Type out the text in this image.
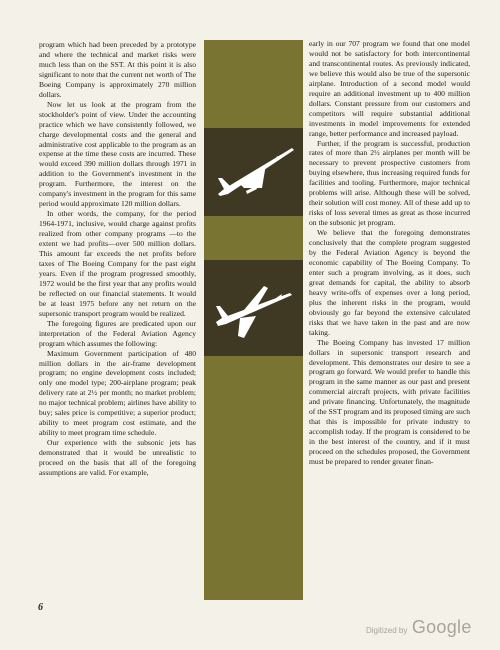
program which had been preceded by a prototype and where the technical and market risks were much less than on the SST. At this point it is also significant to note that the current net worth of The Boeing Company is approximately 270 million dollars.

Now let us look at the program from the stockholder's point of view. Under the accounting practice which we have consistently followed, we charge developmental costs and the general and administrative cost applicable to the program as an expense at the time these costs are incurred. These would exceed 390 million dollars through 1971 in addition to the Government's investment in the program. Furthermore, the interest on the company's investment in the program for this same period would approximate 120 million dollars.

In other words, the company, for the period 1964-1971, inclusive, would charge against profits realized from other company programs —to the extent we had profits—over 500 million dollars. This amount far exceeds the net profits before taxes of The Boeing Company for the past eight years. Even if the program progressed smoothly, 1972 would be the first year that any profits would be reflected on our financial statements. It would be at least 1975 before any net return on the supersonic transport program would be realized.

The foregoing figures are predicated upon our interpretation of the Federal Aviation Agency program which assumes the following:

Maximum Government participation of 480 million dollars in the air-frame development program; no engine development costs included; only one model type; 200-airplane program; peak delivery rate at 2½ per month; no market problem; no major technical problem; airlines have ability to buy; sales price is competitive; a superior product; ability to meet program cost estimate, and the ability to meet program time schedule.

Our experience with the subsonic jets has demonstrated that it would be unrealistic to proceed on the basis that all of the foregoing assumptions are valid. For example,

early in our 707 program we found that one model would not be satisfactory for both intercontinental and transcontinental routes. As previously indicated, we believe this would also be true of the supersonic airplane. Introduction of a second model would require an additional investment up to 400 million dollars. Constant pressure from our customers and competitors will require substantial additional investments in model improvements for extended range, better performance and increased payload.

Further, if the program is successful, production rates of more than 2½ airplanes per month will be necessary to prevent prospective customers from buying elsewhere, thus increasing required funds for facilities and tooling. Furthermore, major technical problems will arise. Although these will be solved, their solution will cost money. All of these add up to risks of loss several times as great as those incurred on the subsonic jet program.

We believe that the foregoing demonstrates conclusively that the complete program suggested by the Federal Aviation Agency is beyond the economic capability of The Boeing Company. To enter such a program involving, as it does, such great demands for capital, the ability to absorb heavy write-offs of expenses over a long period, plus the inherent risks in the program, would obviously go far beyond the extensive calculated risks that we have taken in the past and are now taking.

The Boeing Company has invested 17 million dollars in supersonic transport research and development. This demonstrates our desire to see a program go forward. We would prefer to handle this program in the same manner as our past and present commercial aircraft projects, with private facilities and private financing. Unfortunately, the magnitude of the SST program and its proposed timing are such that this is impossible for private industry to accomplish today. If the program is considered to be in the best interest of the country, and if it must proceed on the schedules proposed, the Government must be prepared to render greater finan-

6
Digitized by Google
